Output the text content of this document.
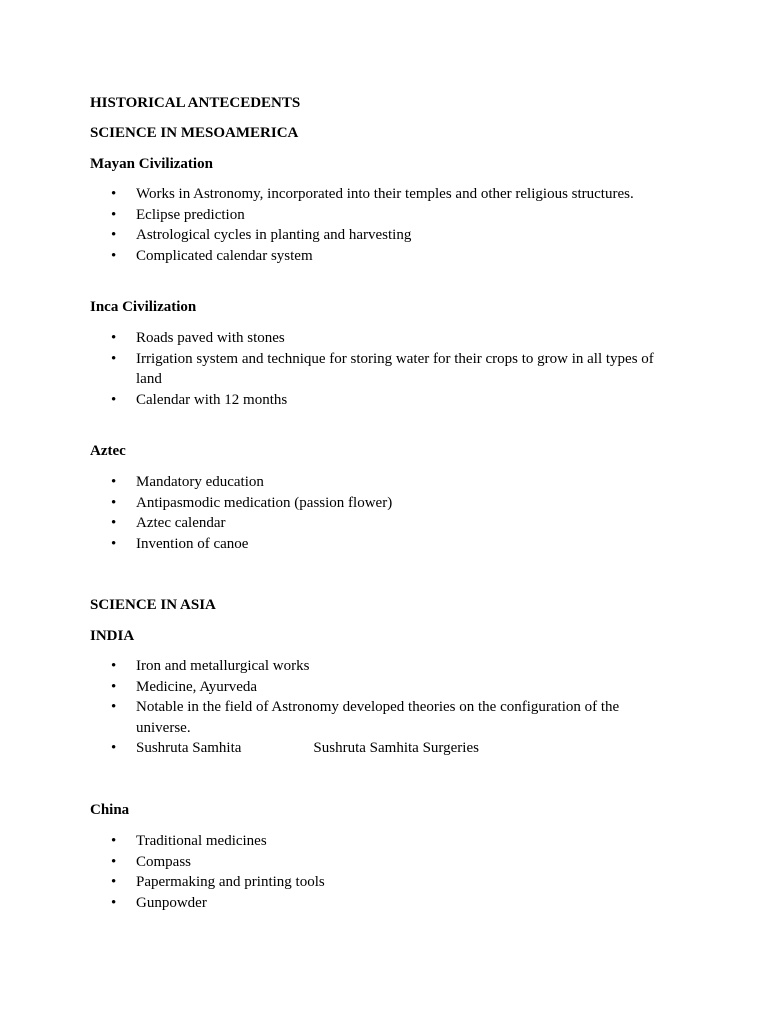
HISTORICAL ANTECEDENTS
SCIENCE IN MESOAMERICA
Mayan Civilization
•	Works in Astronomy, incorporated into their temples and other religious structures.
•	Eclipse prediction
•	Astrological cycles in planting and harvesting
•	Complicated calendar system
Inca Civilization
•	Roads paved with stones
•	Irrigation system and technique for storing water for their crops to grow in all types of land
•	Calendar with 12 months
Aztec
•	Mandatory education
•	Antipasmodic medication (passion flower)
•	Aztec calendar
•	Invention of canoe
SCIENCE IN ASIA
INDIA
•	Iron and metallurgical works
•	Medicine, Ayurveda
•	Notable in the field of Astronomy developed theories on the configuration of the universe.
•	Sushruta Samhita	Sushruta Samhita Surgeries
China
•	Traditional medicines
•	Compass
•	Papermaking and printing tools
•	Gunpowder
